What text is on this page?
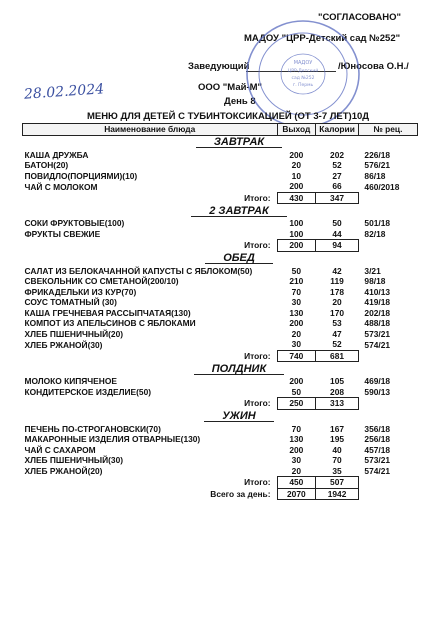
"СОГЛАСОВАНО"
МАДОУ "ЦРР-Детский сад №252"
Заведующий	/Юносова О.Н./
ООО "Май-М"
День 8
28.02.2024
МАДОУ
ЦРР-Детский
сад №252
г. Пермь
МЕНЮ ДЛЯ ДЕТЕЙ С ТУБИНТОКСИКАЦИЕЙ (ОТ 3-7 ЛЕТ)10Д
Наименование блюда	Выход	Калории	№ рец.
ЗАВТРАК			
КАША ДРУЖБА	200	202	226/18
БАТОН(20)	20	52	576/21
ПОВИДЛО(ПОРЦИЯМИ)(10)	10	27	86/18
ЧАЙ С МОЛОКОМ	200	66	460/2018
Итого:	430	347	
2 ЗАВТРАК			
СОКИ ФРУКТОВЫЕ(100)	100	50	501/18
ФРУКТЫ СВЕЖИЕ	100	44	82/18
Итого:	200	94	
ОБЕД			
САЛАТ ИЗ БЕЛОКАЧАННОЙ КАПУСТЫ С ЯБЛОКОМ(50)	50	42	3/21
СВЕКОЛЬНИК СО СМЕТАНОЙ(200/10)	210	119	98/18
ФРИКАДЕЛЬКИ ИЗ КУР(70)	70	178	410/13
СОУС ТОМАТНЫЙ (30)	30	20	419/18
КАША ГРЕЧНЕВАЯ РАССЫПЧАТАЯ(130)	130	170	202/18
КОМПОТ ИЗ АПЕЛЬСИНОВ С ЯБЛОКАМИ	200	53	488/18
ХЛЕБ ПШЕНИЧНЫЙ(20)	20	47	573/21
ХЛЕБ РЖАНОЙ(30)	30	52	574/21
Итого:	740	681	
ПОЛДНИК			
МОЛОКО КИПЯЧЕНОЕ	200	105	469/18
КОНДИТЕРСКОЕ ИЗДЕЛИЕ(50)	50	208	590/13
Итого:	250	313	
УЖИН			
ПЕЧЕНЬ ПО-СТРОГАНОВСКИ(70)	70	167	356/18
МАКАРОННЫЕ ИЗДЕЛИЯ ОТВАРНЫЕ(130)	130	195	256/18
ЧАЙ С САХАРОМ	200	40	457/18
ХЛЕБ ПШЕНИЧНЫЙ(30)	30	70	573/21
ХЛЕБ РЖАНОЙ(20)	20	35	574/21
Итого:	450	507	
Всего за день:	2070	1942	
